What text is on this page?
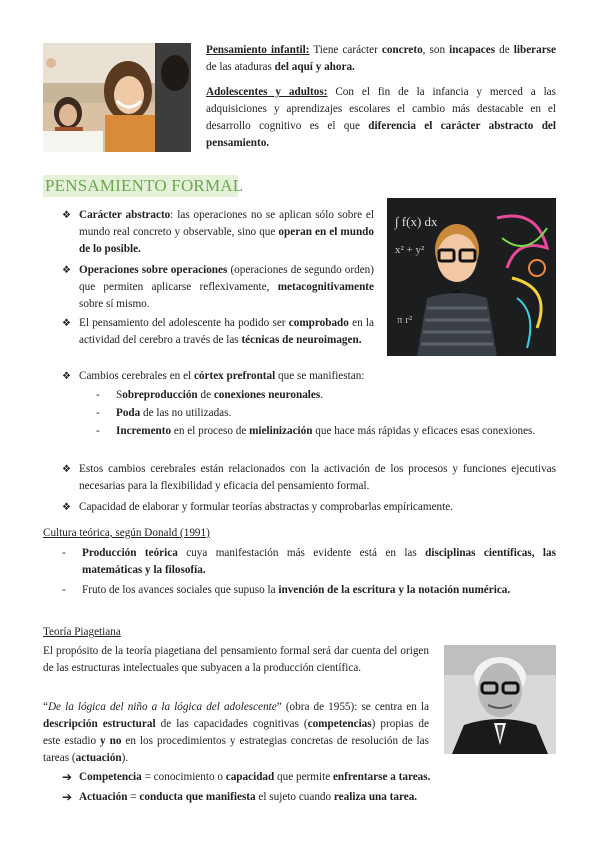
Pensamiento infantil: Tiene carácter concreto, son incapaces de liberarse de las ataduras del aquí y ahora.
Adolescentes y adultos: Con el fin de la infancia y merced a las adquisiciones y aprendizajes escolares el cambio más destacable en el desarrollo cognitivo es el que diferencia el carácter abstracto del pensamiento.
PENSAMIENTO FORMAL
∫ f(x) dx
x² + y²
π r²
❖ Carácter abstracto: las operaciones no se aplican sólo sobre el mundo real concreto y observable, sino que operan en el mundo de lo posible.
❖ Operaciones sobre operaciones (operaciones de segundo orden) que permiten aplicarse reflexivamente, metacognitivamente sobre sí mismo.
❖ El pensamiento del adolescente ha podido ser comprobado en la actividad del cerebro a través de las técnicas de neuroimagen.
❖ Cambios cerebrales en el córtex prefrontal que se manifiestan:
- Sobreproducción de conexiones neuronales.
- Poda de las no utilizadas.
- Incremento en el proceso de mielinización que hace más rápidas y eficaces esas conexiones.
❖ Estos cambios cerebrales están relacionados con la activación de los procesos y funciones ejecutivas necesarias para la flexibilidad y eficacia del pensamiento formal.
❖ Capacidad de elaborar y formular teorías abstractas y comprobarlas empíricamente.
Cultura teórica, según Donald (1991)
- Producción teórica cuya manifestación más evidente está en las disciplinas científicas, las matemáticas y la filosofía.
- Fruto de los avances sociales que supuso la invención de la escritura y la notación numérica.
Teoría Piagetiana
El propósito de la teoría piagetiana del pensamiento formal será dar cuenta del origen de las estructuras intelectuales que subyacen a la producción científica.
“De la lógica del niño a la lógica del adolescente” (obra de 1955): se centra en la descripción estructural de las capacidades cognitivas (competencias) propias de este estadio y no en los procedimientos y estrategias concretas de resolución de las tareas (actuación).
➔ Competencia = conocimiento o capacidad que permite enfrentarse a tareas.
➔ Actuación = conducta que manifiesta el sujeto cuando realiza una tarea.
